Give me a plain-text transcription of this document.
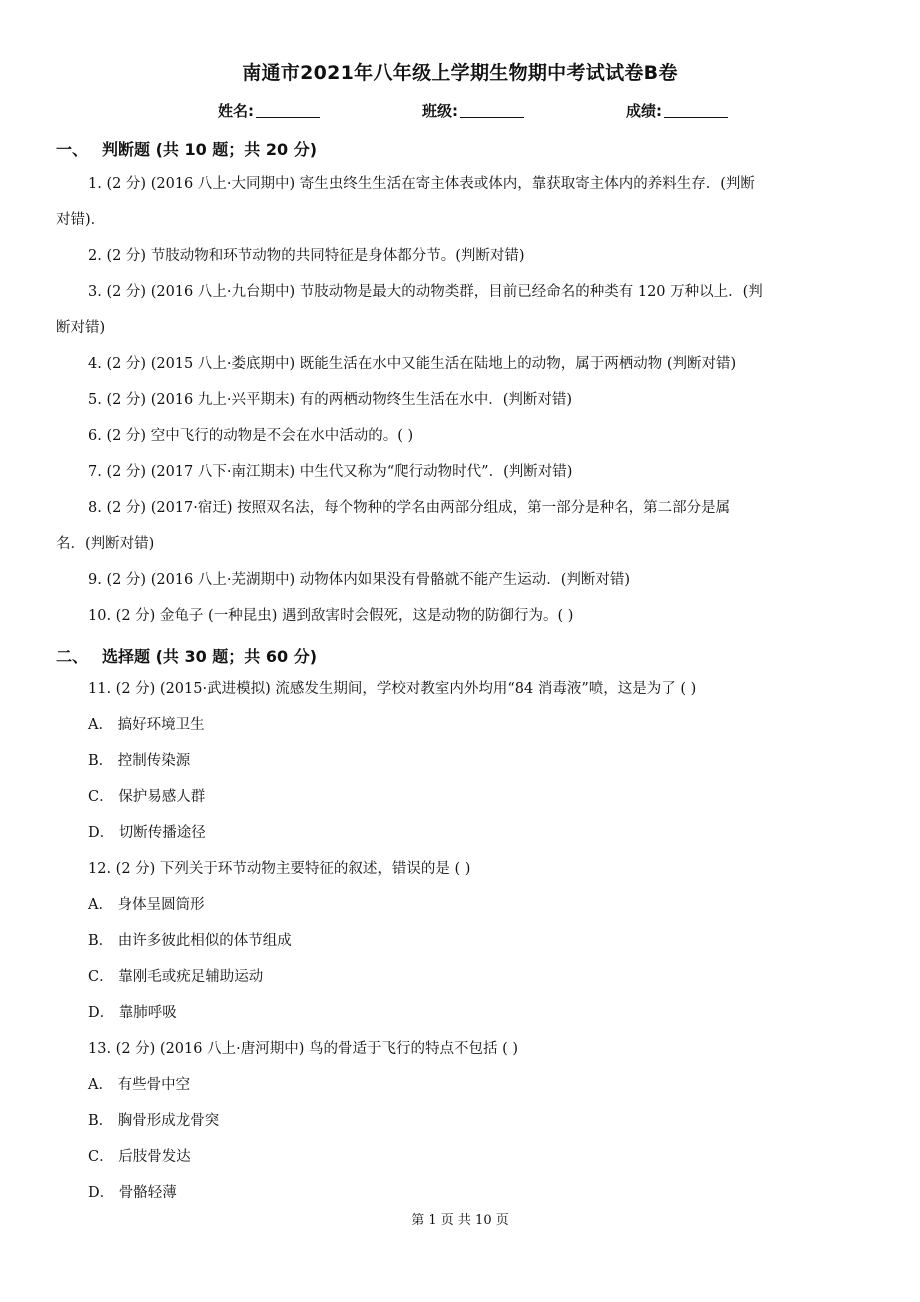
南通市2021年八年级上学期生物期中考试试卷B卷
姓名:	班级:	成绩:
一、 判断题 (共 10 题；共 20 分)
1. (2 分) (2016 八上·大同期中) 寄生虫终生生活在寄主体表或体内，靠获取寄主体内的养料生存．(判断
对错)．
2. (2 分) 节肢动物和环节动物的共同特征是身体都分节。(判断对错)
3. (2 分) (2016 八上·九台期中) 节肢动物是最大的动物类群，目前已经命名的种类有 120 万种以上．(判
断对错)
4. (2 分) (2015 八上·娄底期中) 既能生活在水中又能生活在陆地上的动物，属于两栖动物 (判断对错)
5. (2 分) (2016 九上·兴平期末) 有的两栖动物终生生活在水中．(判断对错)
6. (2 分) 空中飞行的动物是不会在水中活动的。( )
7. (2 分) (2017 八下·南江期末) 中生代又称为“爬行动物时代”．(判断对错)
8. (2 分) (2017·宿迁) 按照双名法，每个物种的学名由两部分组成，第一部分是种名，第二部分是属
名．(判断对错)
9. (2 分) (2016 八上·芜湖期中) 动物体内如果没有骨骼就不能产生运动．(判断对错)
10. (2 分) 金龟子 (一种昆虫) 遇到敌害时会假死，这是动物的防御行为。( )
二、 选择题 (共 30 题；共 60 分)
11. (2 分) (2015·武进模拟) 流感发生期间，学校对教室内外均用“84 消毒液”喷，这是为了 ( )
A． 搞好环境卫生
B． 控制传染源
C． 保护易感人群
D． 切断传播途径
12. (2 分) 下列关于环节动物主要特征的叙述，错误的是 ( )
A． 身体呈圆筒形
B． 由许多彼此相似的体节组成
C． 靠刚毛或疣足辅助运动
D． 靠肺呼吸
13. (2 分) (2016 八上·唐河期中) 鸟的骨适于飞行的特点不包括 ( )
A． 有些骨中空
B． 胸骨形成龙骨突
C． 后肢骨发达
D． 骨骼轻薄
第 1 页 共 10 页
